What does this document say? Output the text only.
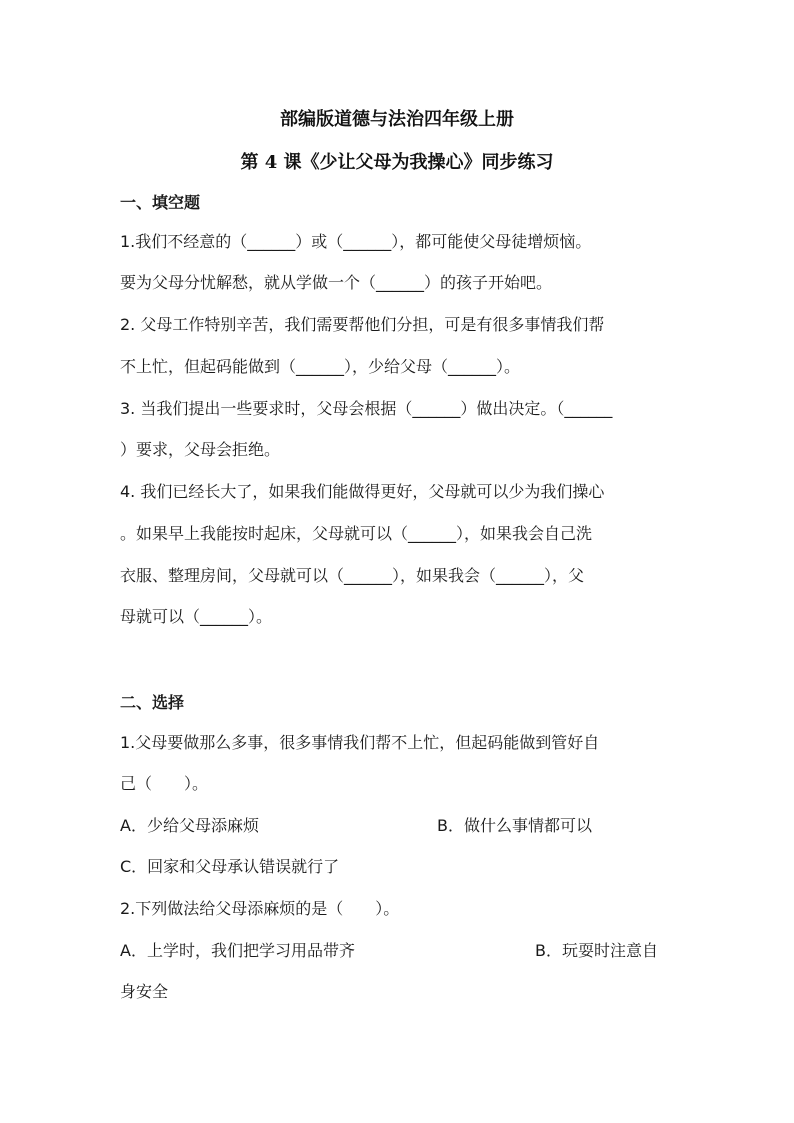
部编版道德与法治四年级上册
第 4 课《少让父母为我操心》同步练习
一、填空题
1.我们不经意的（______）或（______），都可能使父母徒增烦恼。
要为父母分忧解愁，就从学做一个（______）的孩子开始吧。
2. 父母工作特别辛苦，我们需要帮他们分担，可是有很多事情我们帮
不上忙，但起码能做到（______），少给父母（______）。
3. 当我们提出一些要求时，父母会根据（______）做出决定。（______
）要求，父母会拒绝。
4. 我们已经长大了，如果我们能做得更好，父母就可以少为我们操心
。如果早上我能按时起床，父母就可以（______），如果我会自己洗
衣服、整理房间，父母就可以（______），如果我会（______），父
母就可以（______）。
二、选择
1.父母要做那么多事，很多事情我们帮不上忙，但起码能做到管好自
己（　　）。
A．少给父母添麻烦	B．做什么事情都可以
C．回家和父母承认错误就行了
2.下列做法给父母添麻烦的是（　　）。
A．上学时，我们把学习用品带齐	B．玩耍时注意自
身安全
